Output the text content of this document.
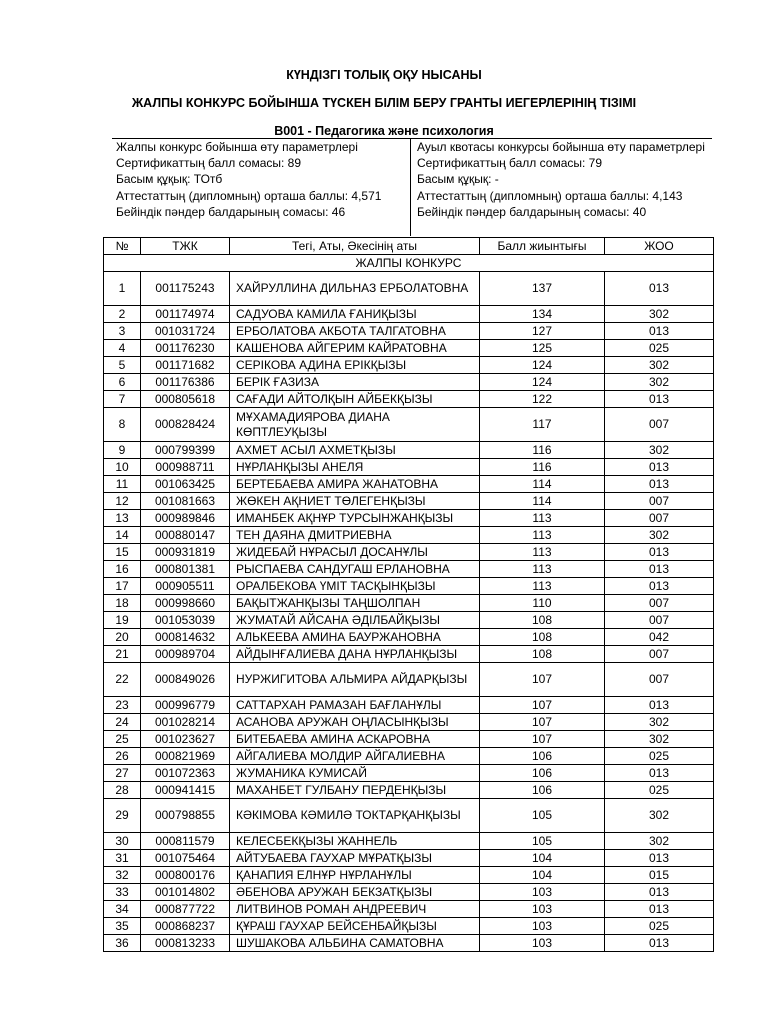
КҮНДІЗГІ ТОЛЫҚ ОҚУ НЫСАНЫ
ЖАЛПЫ КОНКУРС БОЙЫНША ТҮСКЕН БІЛІМ БЕРУ ГРАНТЫ ИЕГЕРЛЕРІНІҢ ТІЗІМІ
В001 - Педагогика және психология
Жалпы конкурс бойынша өту параметрлері
Сертификаттың балл сомасы: 89
Басым құқық: ТОтб
Аттестаттың (дипломның) орташа баллы: 4,571
Бейіндік пәндер балдарының сомасы: 46
Ауыл квотасы конкурсы бойынша өту параметрлері
Сертификаттың балл сомасы: 79
Басым құқық: -
Аттестаттың (дипломның) орташа баллы: 4,143
Бейіндік пәндер балдарының сомасы: 40
№	ТЖК	Тегі, Аты, Әкесінің аты	Балл жиынтығы	ЖОО
ЖАЛПЫ КОНКУРС				
1	001175243	ХАЙРУЛЛИНА ДИЛЬНАЗ ЕРБОЛАТОВНА	137	013
2	001174974	САДУОВА КАМИЛА ҒАНИҚЫЗЫ	134	302
3	001031724	ЕРБОЛАТОВА АКБОТА ТАЛГАТОВНА	127	013
4	001176230	КАШЕНОВА АЙГЕРИМ КАЙРАТОВНА	125	025
5	001171682	СЕРІКОВА АДИНА ЕРІКҚЫЗЫ	124	302
6	001176386	БЕРІК ҒАЗИЗА	124	302
7	000805618	САҒАДИ АЙТОЛҚЫН АЙБЕКҚЫЗЫ	122	013
8	000828424	МҰХАМАДИЯРОВА ДИАНА КӨПТЛЕУҚЫЗЫ	117	007
9	000799399	АХМЕТ АСЫЛ АХМЕТҚЫЗЫ	116	302
10	000988711	НҰРЛАНҚЫЗЫ АНЕЛЯ	116	013
11	001063425	БЕРТЕБАЕВА АМИРА ЖАНАТОВНА	114	013
12	001081663	ЖӨКЕН АҚНИЕТ ТӨЛЕГЕНҚЫЗЫ	114	007
13	000989846	ИМАНБЕК АҚНҰР ТУРСЫНЖАНҚЫЗЫ	113	007
14	000880147	ТЕН ДАЯНА ДМИТРИЕВНА	113	302
15	000931819	ЖИДЕБАЙ НҰРАСЫЛ ДОСАНҰЛЫ	113	013
16	000801381	РЫСПАЕВА САНДУГАШ ЕРЛАНОВНА	113	013
17	000905511	ОРАЛБЕКОВА ҮМІТ ТАСҚЫНҚЫЗЫ	113	013
18	000998660	БАҚЫТЖАНҚЫЗЫ ТАҢШОЛПАН	110	007
19	001053039	ЖУМАТАЙ АЙСАНА ӘДІЛБАЙҚЫЗЫ	108	007
20	000814632	АЛЬКЕЕВА АМИНА БАУРЖАНОВНА	108	042
21	000989704	АЙДЫНҒАЛИЕВА ДАНА НҰРЛАНҚЫЗЫ	108	007
22	000849026	НУРЖИГИТОВА АЛЬМИРА АЙДАРҚЫЗЫ	107	007
23	000996779	САТТАРХАН РАМАЗАН БАҒЛАНҰЛЫ	107	013
24	001028214	АСАНОВА АРУЖАН ОҢЛАСЫНҚЫЗЫ	107	302
25	001023627	БИТЕБАЕВА АМИНА АСКАРОВНА	107	302
26	000821969	АЙГАЛИЕВА МОЛДИР АЙГАЛИЕВНА	106	025
27	001072363	ЖУМАНИКА КУМИСАЙ	106	013
28	000941415	МАХАНБЕТ ГУЛБАНУ ПЕРДЕНҚЫЗЫ	106	025
29	000798855	КӘКІМОВА КӘМИЛӘ ТОКТАРҚАНҚЫЗЫ	105	302
30	000811579	КЕЛЕСБЕКҚЫЗЫ ЖАННЕЛЬ	105	302
31	001075464	АЙТУБАЕВА ГАУХАР МҰРАТҚЫЗЫ	104	013
32	000800176	ҚАНАПИЯ ЕЛНҰР НҰРЛАНҰЛЫ	104	015
33	001014802	ӘБЕНОВА АРУЖАН БЕКЗАТҚЫЗЫ	103	013
34	000877722	ЛИТВИНОВ РОМАН АНДРЕЕВИЧ	103	013
35	000868237	ҚҰРАШ ГАУХАР БЕЙСЕНБАЙҚЫЗЫ	103	025
36	000813233	ШУШАКОВА АЛЬБИНА САМАТОВНА	103	013
